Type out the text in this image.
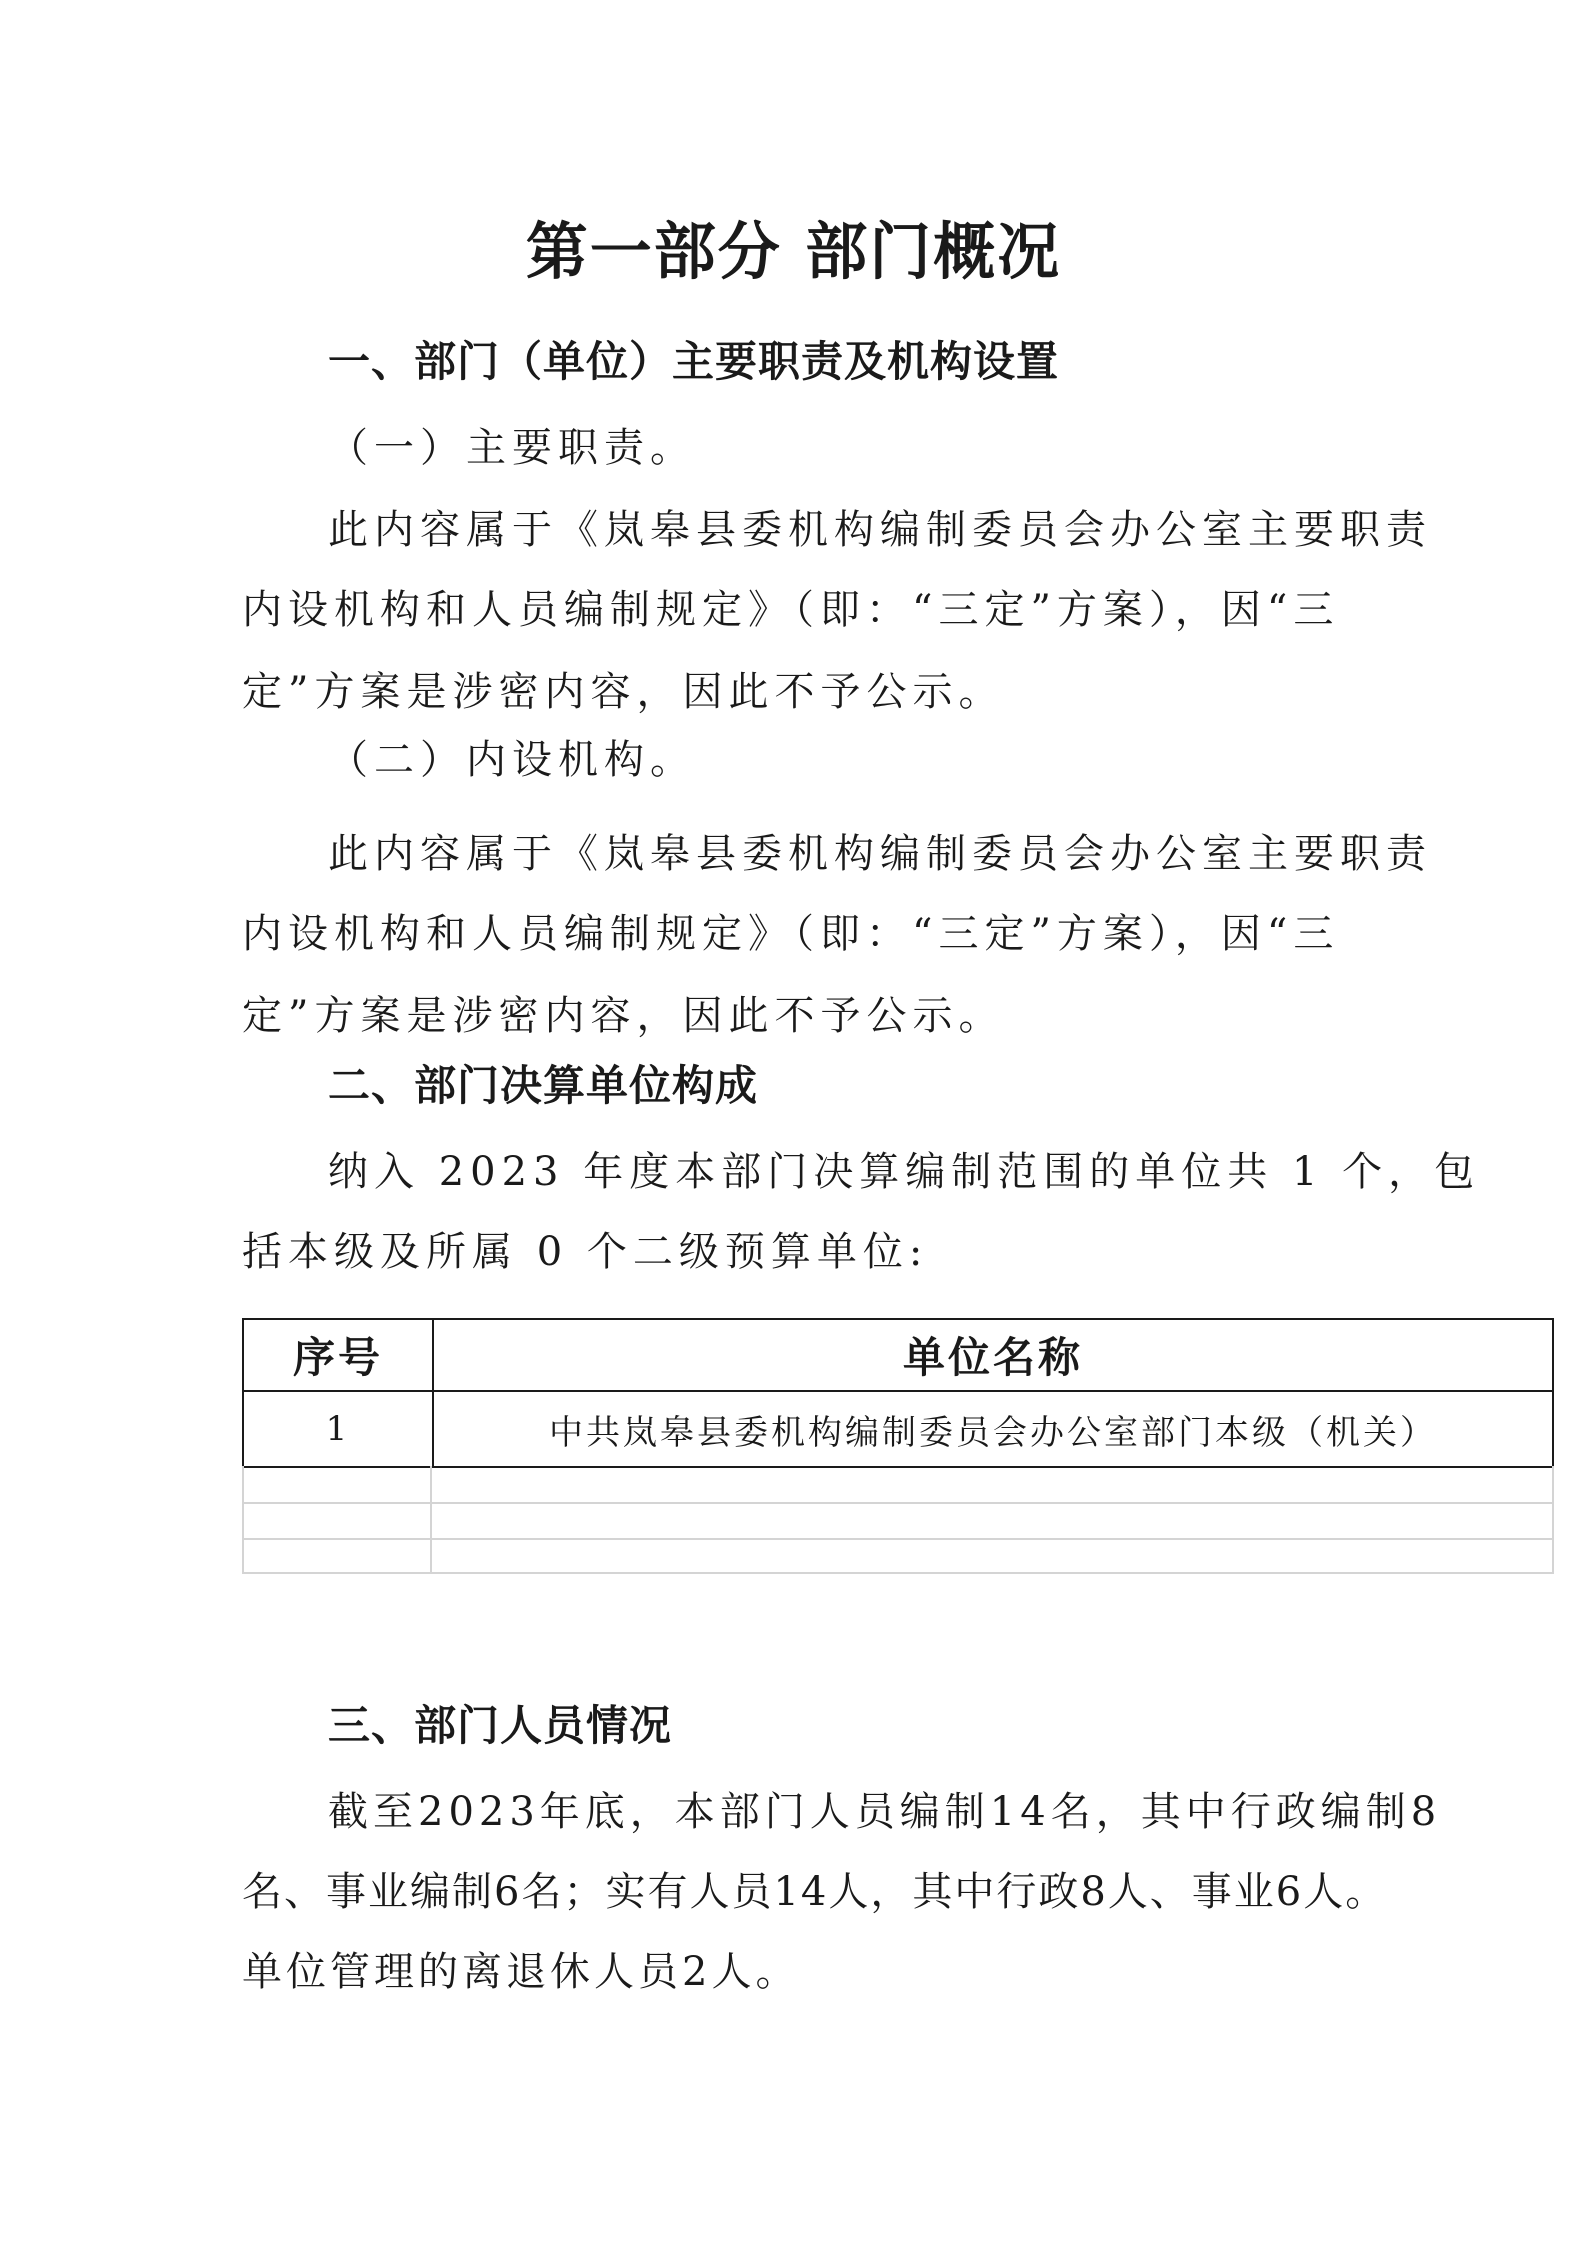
第一部分 部门概况
一、部门（单位）主要职责及机构设置
（一）主要职责。
此内容属于《岚皋县委机构编制委员会办公室主要职责
内设机构和人员编制规定》（即：“三定”方案），因“三
定”方案是涉密内容，因此不予公示。
（二）内设机构。
此内容属于《岚皋县委机构编制委员会办公室主要职责
内设机构和人员编制规定》（即：“三定”方案），因“三
定”方案是涉密内容，因此不予公示。
二、部门决算单位构成
纳入 2023 年度本部门决算编制范围的单位共 1 个，包
括本级及所属 0 个二级预算单位:
序号	单位名称
1	中共岚皋县委机构编制委员会办公室部门本级（机关）
三、部门人员情况
截至2023年底，本部门人员编制14名，其中行政编制8
名、事业编制6名；实有人员14人，其中行政8人、事业6人。
单位管理的离退休人员2人。
